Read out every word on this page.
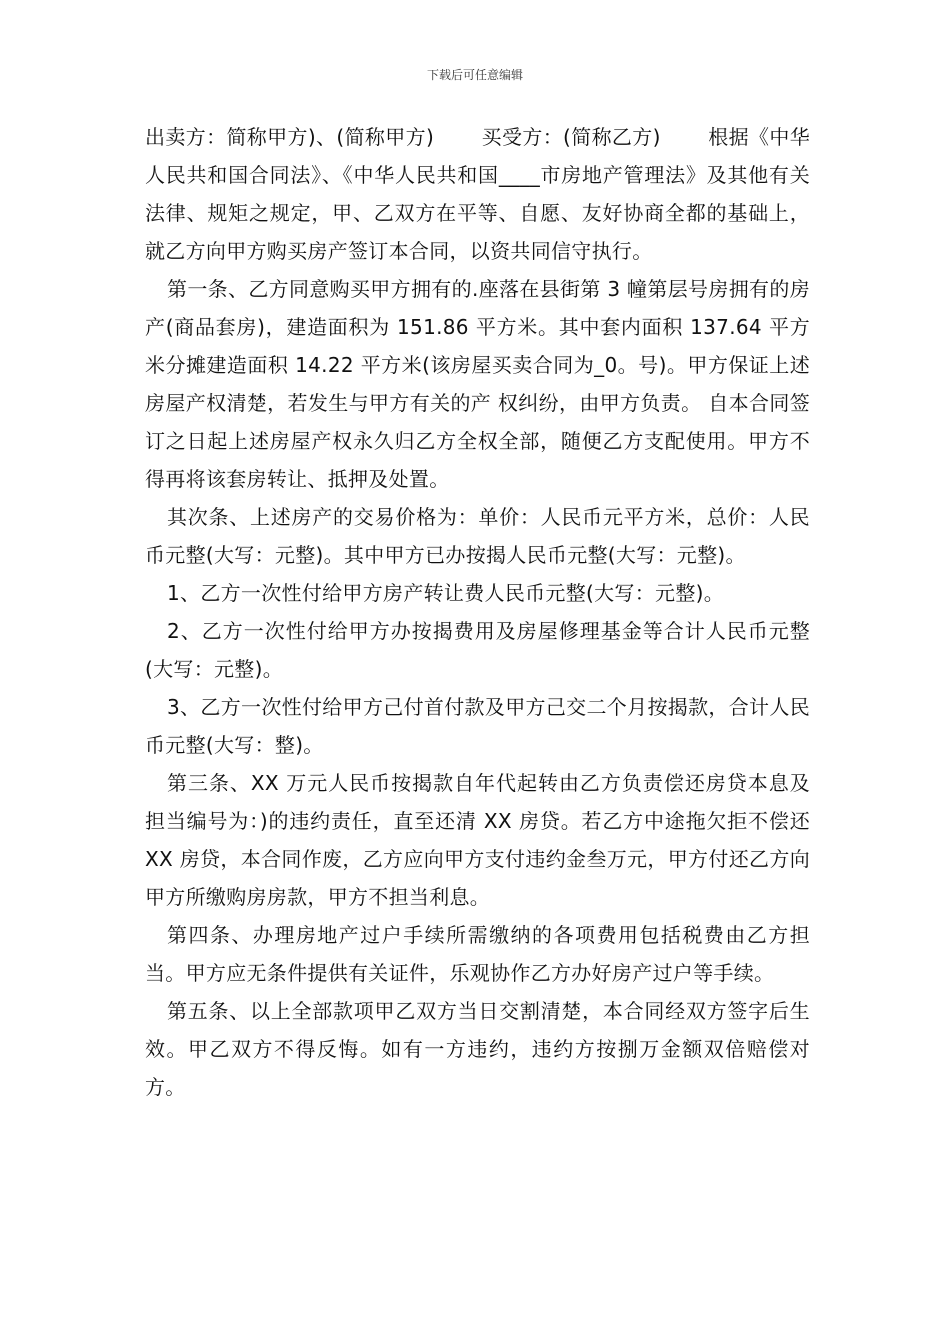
下载后可任意编辑

出卖方：简称甲方)、(简称甲方)　　 买受方：(简称乙方)　　 根据《中华人民共和国合同法》、《中华人民共和国____市房地产管理法》及其他有关法律、规矩之规定，甲、乙双方在平等、自愿、友好协商全都的基础上，就乙方向甲方购买房产签订本合同，以资共同信守执行。

第一条、乙方同意购买甲方拥有的.座落在县街第 3 幢第层号房拥有的房产(商品套房)，建造面积为 151.86 平方米。其中套内面积 137.64 平方米分摊建造面积 14.22 平方米(该房屋买卖合同为_0。号)。甲方保证上述房屋产权清楚，若发生与甲方有关的产 权纠纷，由甲方负责。 自本合同签订之日起上述房屋产权永久归乙方全权全部，随便乙方支配使用。甲方不得再将该套房转让、抵押及处置。

其次条、上述房产的交易价格为：单价：人民币元平方米，总价：人民币元整(大写：元整)。其中甲方已办按揭人民币元整(大写：元整)。

1、乙方一次性付给甲方房产转让费人民币元整(大写：元整)。

2、乙方一次性付给甲方办按揭费用及房屋修理基金等合计人民币元整(大写：元整)。

3、乙方一次性付给甲方己付首付款及甲方己交二个月按揭款，合计人民币元整(大写：整)。

第三条、XX 万元人民币按揭款自年代起转由乙方负责偿还房贷本息及担当编号为：)的违约责任，直至还清 XX 房贷。若乙方中途拖欠拒不偿还 XX 房贷，本合同作废，乙方应向甲方支付违约金叁万元，甲方付还乙方向甲方所缴购房房款，甲方不担当利息。

第四条、办理房地产过户手续所需缴纳的各项费用包括税费由乙方担当。甲方应无条件提供有关证件，乐观协作乙方办好房产过户等手续。

第五条、以上全部款项甲乙双方当日交割清楚，本合同经双方签字后生效。甲乙双方不得反悔。如有一方违约，违约方按捌万金额双倍赔偿对方。
